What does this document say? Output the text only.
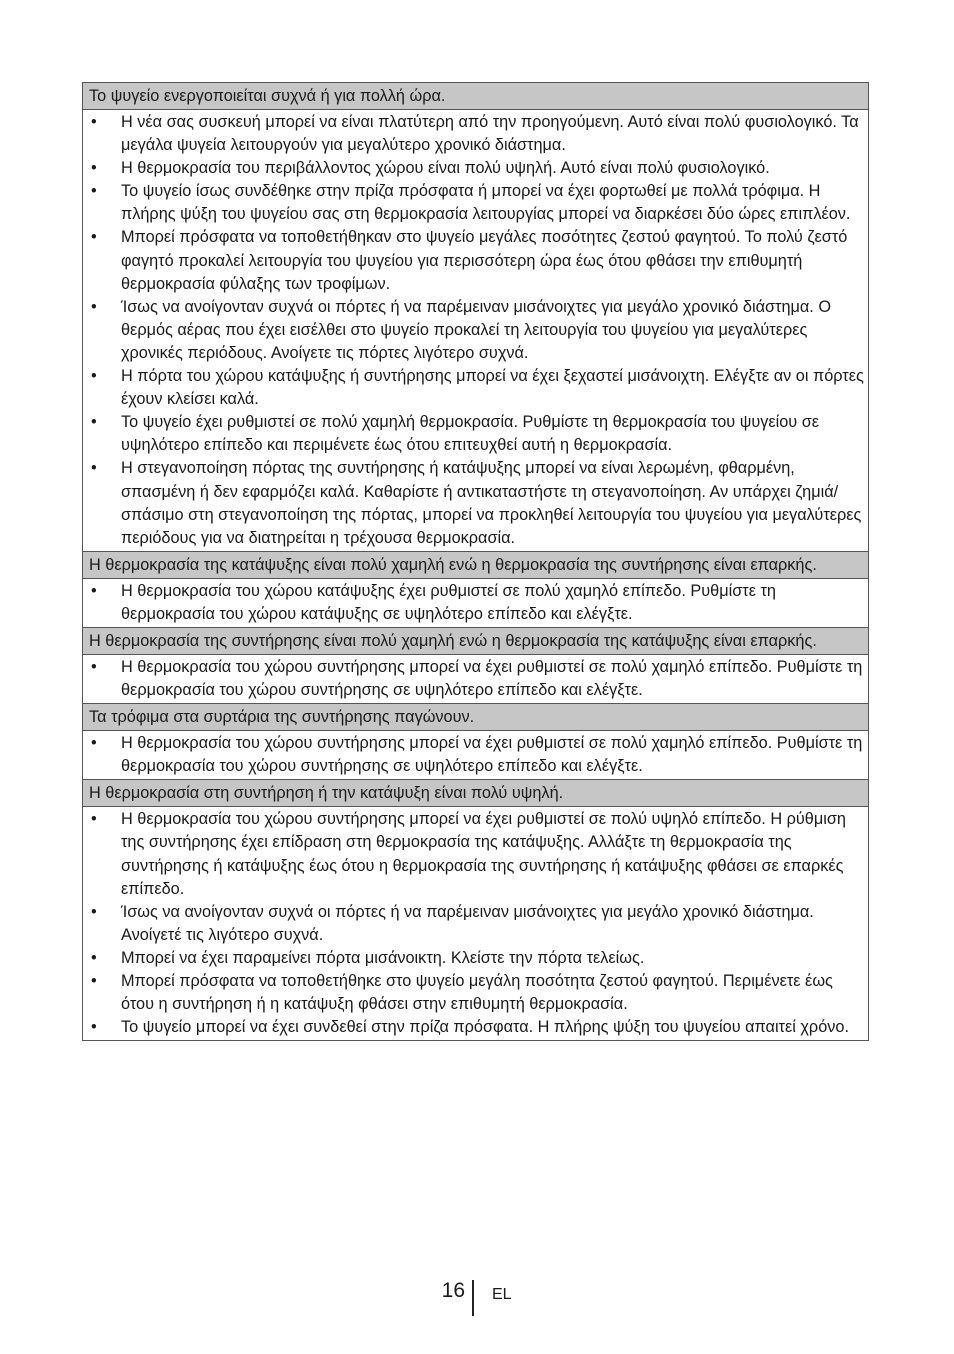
Το ψυγείο ενεργοποιείται συχνά ή για πολλή ώρα.
• Η νέα σας συσκευή μπορεί να είναι πλατύτερη από την προηγούμενη. Αυτό είναι πολύ φυσιολογικό. Τα μεγάλα ψυγεία λειτουργούν για μεγαλύτερο χρονικό διάστημα.
• Η θερμοκρασία του περιβάλλοντος χώρου είναι πολύ υψηλή. Αυτό είναι πολύ φυσιολογικό.
• Το ψυγείο ίσως συνδέθηκε στην πρίζα πρόσφατα ή μπορεί να έχει φορτωθεί με πολλά τρόφιμα. Η πλήρης ψύξη του ψυγείου σας στη θερμοκρασία λειτουργίας μπορεί να διαρκέσει δύο ώρες επιπλέον.
• Μπορεί πρόσφατα να τοποθετήθηκαν στο ψυγείο μεγάλες ποσότητες ζεστού φαγητού. Το πολύ ζεστό φαγητό προκαλεί λειτουργία του ψυγείου για περισσότερη ώρα έως ότου φθάσει την επιθυμητή θερμοκρασία φύλαξης των τροφίμων.
• Ίσως να ανοίγονταν συχνά οι πόρτες ή να παρέμειναν μισάνοιχτες για μεγάλο χρονικό διάστημα. Ο θερμός αέρας που έχει εισέλθει στο ψυγείο προκαλεί τη λειτουργία του ψυγείου για μεγαλύτερες χρονικές περιόδους. Ανοίγετε τις πόρτες λιγότερο συχνά.
• Η πόρτα του χώρου κατάψυξης ή συντήρησης μπορεί να έχει ξεχαστεί μισάνοιχτη. Ελέγξτε αν οι πόρτες έχουν κλείσει καλά.
• Το ψυγείο έχει ρυθμιστεί σε πολύ χαμηλή θερμοκρασία. Ρυθμίστε τη θερμοκρασία του ψυγείου σε υψηλότερο επίπεδο και περιμένετε έως ότου επιτευχθεί αυτή η θερμοκρασία.
• Η στεγανοποίηση πόρτας της συντήρησης ή κατάψυξης μπορεί να είναι λερωμένη, φθαρμένη, σπασμένη ή δεν εφαρμόζει καλά. Καθαρίστε ή αντικαταστήστε τη στεγανοποίηση. Αν υπάρχει ζημιά/ σπάσιμο στη στεγανοποίηση της πόρτας, μπορεί να προκληθεί λειτουργία του ψυγείου για μεγαλύτερες περιόδους για να διατηρείται η τρέχουσα θερμοκρασία.
Η θερμοκρασία της κατάψυξης είναι πολύ χαμηλή ενώ η θερμοκρασία της συντήρησης είναι επαρκής.
• Η θερμοκρασία του χώρου κατάψυξης έχει ρυθμιστεί σε πολύ χαμηλό επίπεδο. Ρυθμίστε τη θερμοκρασία του χώρου κατάψυξης σε υψηλότερο επίπεδο και ελέγξτε.
Η θερμοκρασία της συντήρησης είναι πολύ χαμηλή ενώ η θερμοκρασία της κατάψυξης είναι επαρκής.
• Η θερμοκρασία του χώρου συντήρησης μπορεί να έχει ρυθμιστεί σε πολύ χαμηλό επίπεδο. Ρυθμίστε τη θερμοκρασία του χώρου συντήρησης σε υψηλότερο επίπεδο και ελέγξτε.
Τα τρόφιμα στα συρτάρια της συντήρησης παγώνουν.
• Η θερμοκρασία του χώρου συντήρησης μπορεί να έχει ρυθμιστεί σε πολύ χαμηλό επίπεδο. Ρυθμίστε τη θερμοκρασία του χώρου συντήρησης σε υψηλότερο επίπεδο και ελέγξτε.
Η θερμοκρασία στη συντήρηση ή την κατάψυξη είναι πολύ υψηλή.
• Η θερμοκρασία του χώρου συντήρησης μπορεί να έχει ρυθμιστεί σε πολύ υψηλό επίπεδο. Η ρύθμιση της συντήρησης έχει επίδραση στη θερμοκρασία της κατάψυξης. Αλλάξτε τη θερμοκρασία της συντήρησης ή κατάψυξης έως ότου η θερμοκρασία της συντήρησης ή κατάψυξης φθάσει σε επαρκές επίπεδο.
• Ίσως να ανοίγονταν συχνά οι πόρτες ή να παρέμειναν μισάνοιχτες για μεγάλο χρονικό διάστημα. Ανοίγετέ τις λιγότερο συχνά.
• Μπορεί να έχει παραμείνει πόρτα μισάνοικτη. Κλείστε την πόρτα τελείως.
• Μπορεί πρόσφατα να τοποθετήθηκε στο ψυγείο μεγάλη ποσότητα ζεστού φαγητού. Περιμένετε έως ότου η συντήρηση ή η κατάψυξη φθάσει στην επιθυμητή θερμοκρασία.
• Το ψυγείο μπορεί να έχει συνδεθεί στην πρίζα πρόσφατα. Η πλήρης ψύξη του ψυγείου απαιτεί χρόνο.
16 EL
